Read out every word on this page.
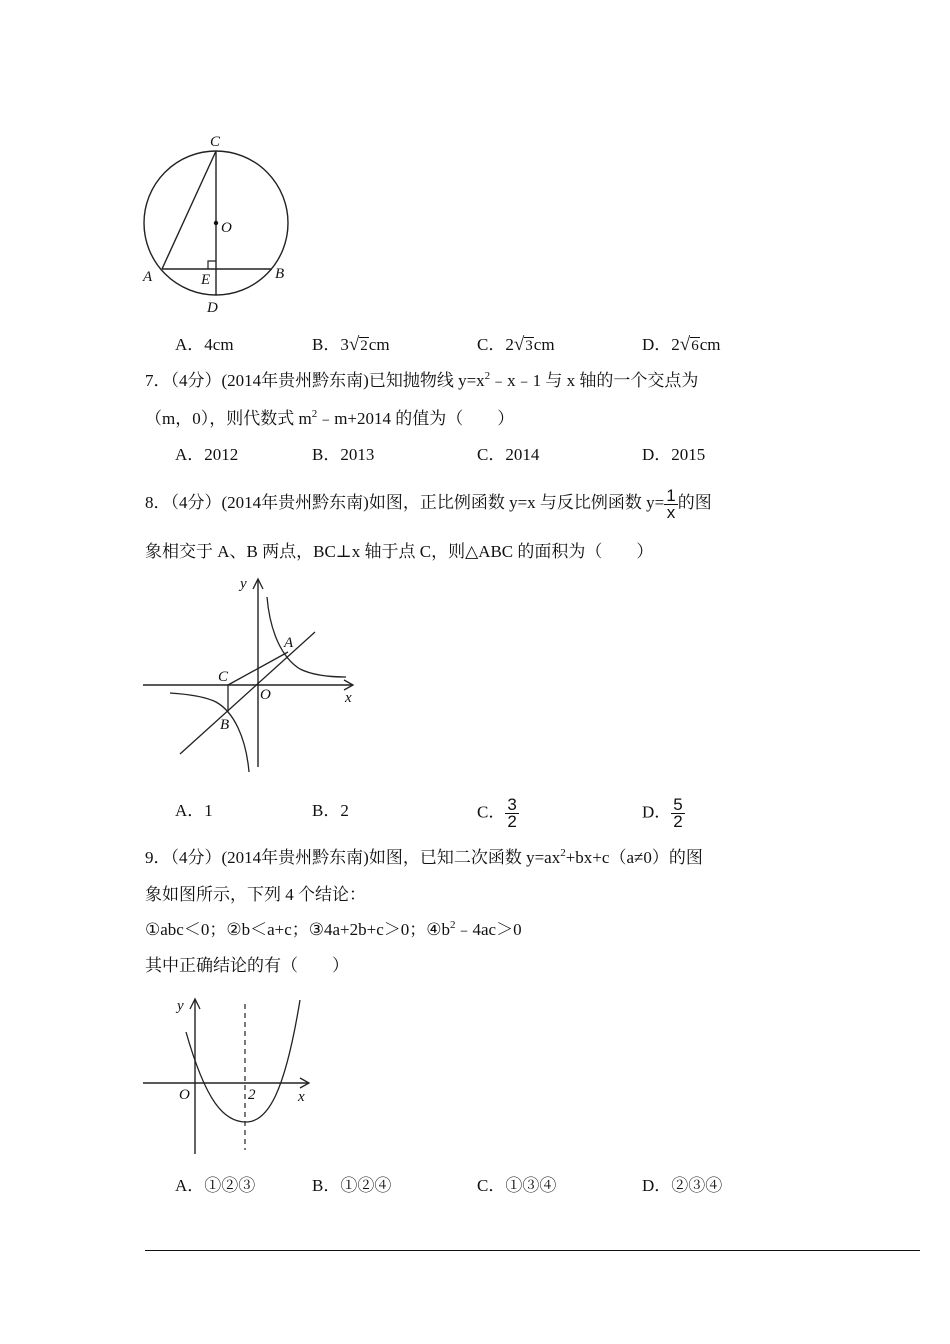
C
O
A	E	B
D
A．4cm	B．3√2cm	C．2√3cm	D．2√6cm
7．（4分）(2014年贵州黔东南)已知抛物线 $y=x^2﹣x﹣1$ 与 x 轴的一个交点为
（m，0），则代数式 $m^2﹣m+2014$ 的值为（　　）
A．2012	B．2013	C．2014	D．2015
8．（4分）(2014年贵州黔东南)如图，正比例函数 y=x 与反比例函数 $y= \frac{1}{x}$ 的图
象相交于 A、B 两点，BC⊥x 轴于点 C，则△ABC 的面积为（　　）
y
A
C
O	x
B
A．1	B．2	C． $\frac{3}{2}$	D． $\frac{5}{2}$
9．（4分）(2014年贵州黔东南)如图，已知二次函数 $y=ax^2+bx+c(a\ne 0)$的图
象如图所示，下列 4 个结论：
①abc＜0；②b＜a+c；③4a+2b+c＞0；$④b^2﹣4ac>0$
其中正确结论的有（　　）
y
O	2	x
A．①②③	B．①②④	C．①③④	D．②③④
